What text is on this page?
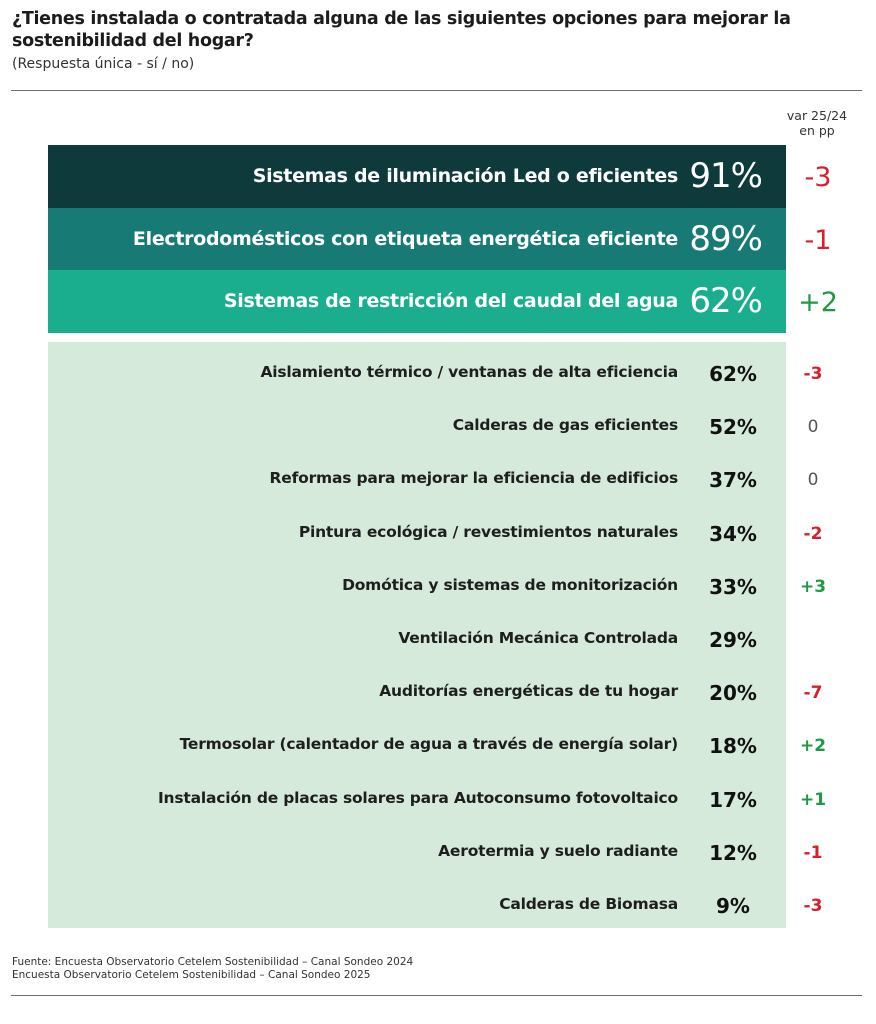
¿Tienes instalada o contratada alguna de las siguientes opciones para mejorar la sostenibilidad del hogar?
(Respuesta única - sí / no)
var 25/24
en pp
Sistemas de iluminación Led o eficientes 91%	-3
Electrodomésticos con etiqueta energética eficiente 89%	-1
Sistemas de restricción del caudal del agua 62%	+2
Aislamiento térmico / ventanas de alta eficiencia	62%	-3
Calderas de gas eficientes	52%	0
Reformas para mejorar la eficiencia de edificios	37%	0
Pintura ecológica / revestimientos naturales	34%	-2
Domótica y sistemas de monitorización	33%	+3
Ventilación Mecánica Controlada	29%
Auditorías energéticas de tu hogar	20%	-7
Termosolar (calentador de agua a través de energía solar)	18%	+2
Instalación de placas solares para Autoconsumo fotovoltaico	17%	+1
Aerotermia y suelo radiante	12%	-1
Calderas de Biomasa	9%	-3
Fuente: Encuesta Observatorio Cetelem Sostenibilidad – Canal Sondeo 2024
Encuesta Observatorio Cetelem Sostenibilidad – Canal Sondeo 2025
